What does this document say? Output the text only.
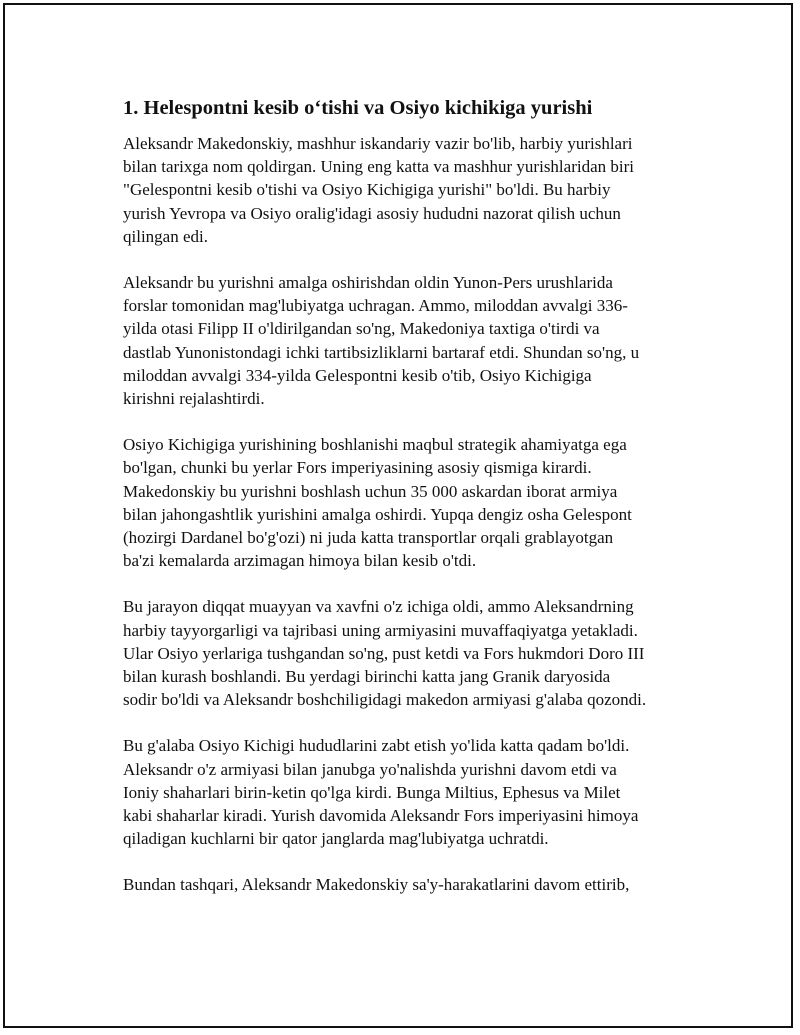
1. Helespontni kesib o‘tishi va Osiyo kichikiga yurishi
Aleksandr Makedonskiy, mashhur iskandariy vazir bo'lib, harbiy yurishlari
bilan tarixga nom qoldirgan. Uning eng katta va mashhur yurishlaridan biri
"Gelespontni kesib o'tishi va Osiyo Kichigiga yurishi" bo'ldi. Bu harbiy
yurish Yevropa va Osiyo oralig'idagi asosiy hududni nazorat qilish uchun
qilingan edi.
Aleksandr bu yurishni amalga oshirishdan oldin Yunon-Pers urushlarida
forslar tomonidan mag'lubiyatga uchragan. Ammo, miloddan avvalgi 336-
yilda otasi Filipp II o'ldirilgandan so'ng, Makedoniya taxtiga o'tirdi va
dastlab Yunonistondagi ichki tartibsizliklarni bartaraf etdi. Shundan so'ng, u
miloddan avvalgi 334-yilda Gelespontni kesib o'tib, Osiyo Kichigiga
kirishni rejalashtirdi.
Osiyo Kichigiga yurishining boshlanishi maqbul strategik ahamiyatga ega
bo'lgan, chunki bu yerlar Fors imperiyasining asosiy qismiga kirardi.
Makedonskiy bu yurishni boshlash uchun 35 000 askardan iborat armiya
bilan jahongashtlik yurishini amalga oshirdi. Yupqa dengiz osha Gelespont
(hozirgi Dardanel bo'g'ozi) ni juda katta transportlar orqali grablayotgan
ba'zi kemalarda arzimagan himoya bilan kesib o'tdi.
Bu jarayon diqqat muayyan va xavfni o'z ichiga oldi, ammo Aleksandrning
harbiy tayyorgarligi va tajribasi uning armiyasini muvaffaqiyatga yetakladi.
Ular Osiyo yerlariga tushgandan so'ng, pust ketdi va Fors hukmdori Doro III
bilan kurash boshlandi. Bu yerdagi birinchi katta jang Granik daryosida
sodir bo'ldi va Aleksandr boshchiligidagi makedon armiyasi g'alaba qozondi.
Bu g'alaba Osiyo Kichigi hududlarini zabt etish yo'lida katta qadam bo'ldi.
Aleksandr o'z armiyasi bilan janubga yo'nalishda yurishni davom etdi va
Ioniy shaharlari birin-ketin qo'lga kirdi. Bunga Miltius, Ephesus va Milet
kabi shaharlar kiradi. Yurish davomida Aleksandr Fors imperiyasini himoya
qiladigan kuchlarni bir qator janglarda mag'lubiyatga uchratdi.
Bundan tashqari, Aleksandr Makedonskiy sa'y-harakatlarini davom ettirib,
